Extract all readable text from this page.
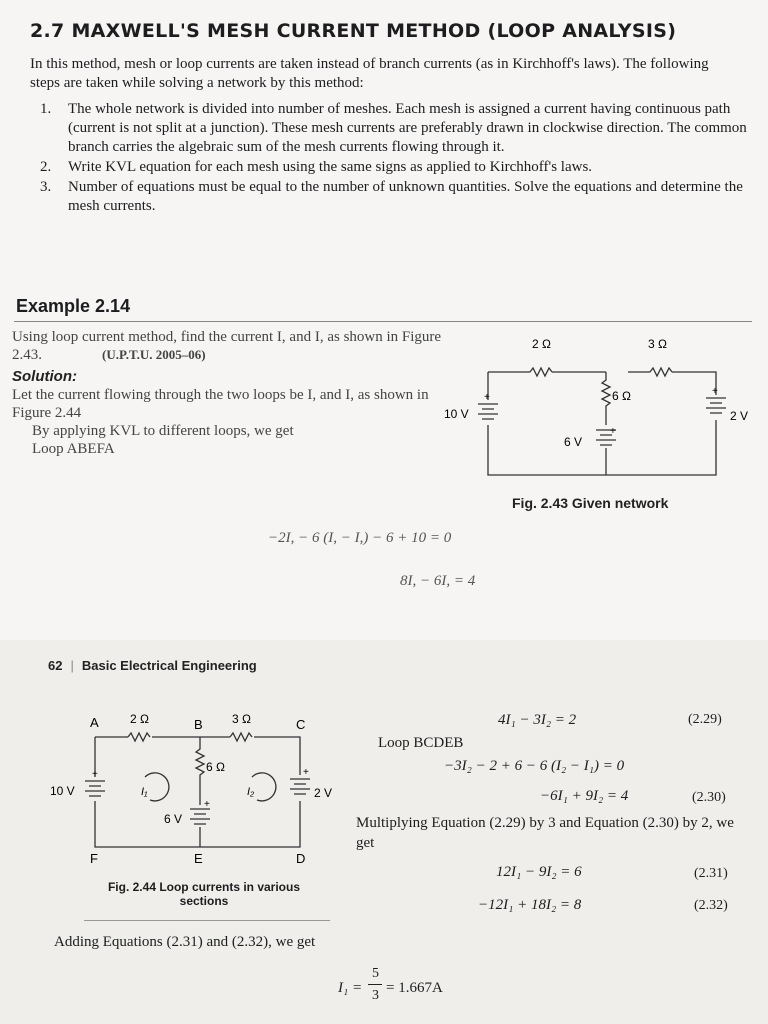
2.7 MAXWELL'S MESH CURRENT METHOD (LOOP ANALYSIS)
In this method, mesh or loop currents are taken instead of branch currents (as in Kirchhoff's laws). The following steps are taken while solving a network by this method:
1.	The whole network is divided into number of meshes. Each mesh is assigned a current having continuous path (current is not split at a junction). These mesh currents are preferably drawn in clockwise direction. The common branch carries the algebraic sum of the mesh currents flowing through it.
2.	Write KVL equation for each mesh using the same signs as applied to Kirchhoff's laws.
3.	Number of equations must be equal to the number of unknown quantities. Solve the equations and determine the mesh currents.
Example 2.14
Using loop current method, find the current I, and I, as shown in Figure 2.43.	(U.P.T.U. 2005–06)
Solution:
Let the current flowing through the two loops be I, and I, as shown in Figure 2.44
By applying KVL to different loops, we get
Loop ABEFA
2 Ω	3 Ω
6 Ω
10 V
6 V
2 V
+
+
+
Fig. 2.43 Given network
−2I, − 6 (I, − I,) − 6 + 10 = 0
8I, − 6I, = 4
62 | Basic Electrical Engineering
A	B	C
D
E
F
2 Ω	3 Ω
6 Ω
10 V
6 V
2 V
+	+
+
I₁	I₂
Fig. 2.44 Loop currents in various sections
4I₁ − 3I₂ = 2	(2.29)
Loop BCDEB
−3I₂ − 2 + 6 − 6 (I₂ − I₁) = 0
−6I₁ + 9I₂ = 4	(2.30)
Multiplying Equation (2.29) by 3 and Equation (2.30) by 2, we get
12I₁ − 9I₂ = 6	(2.31)
−12I₁ + 18I₂ = 8	(2.32)
Adding Equations (2.31) and (2.32), we get
I₁ =
5
3 = 1.667A
